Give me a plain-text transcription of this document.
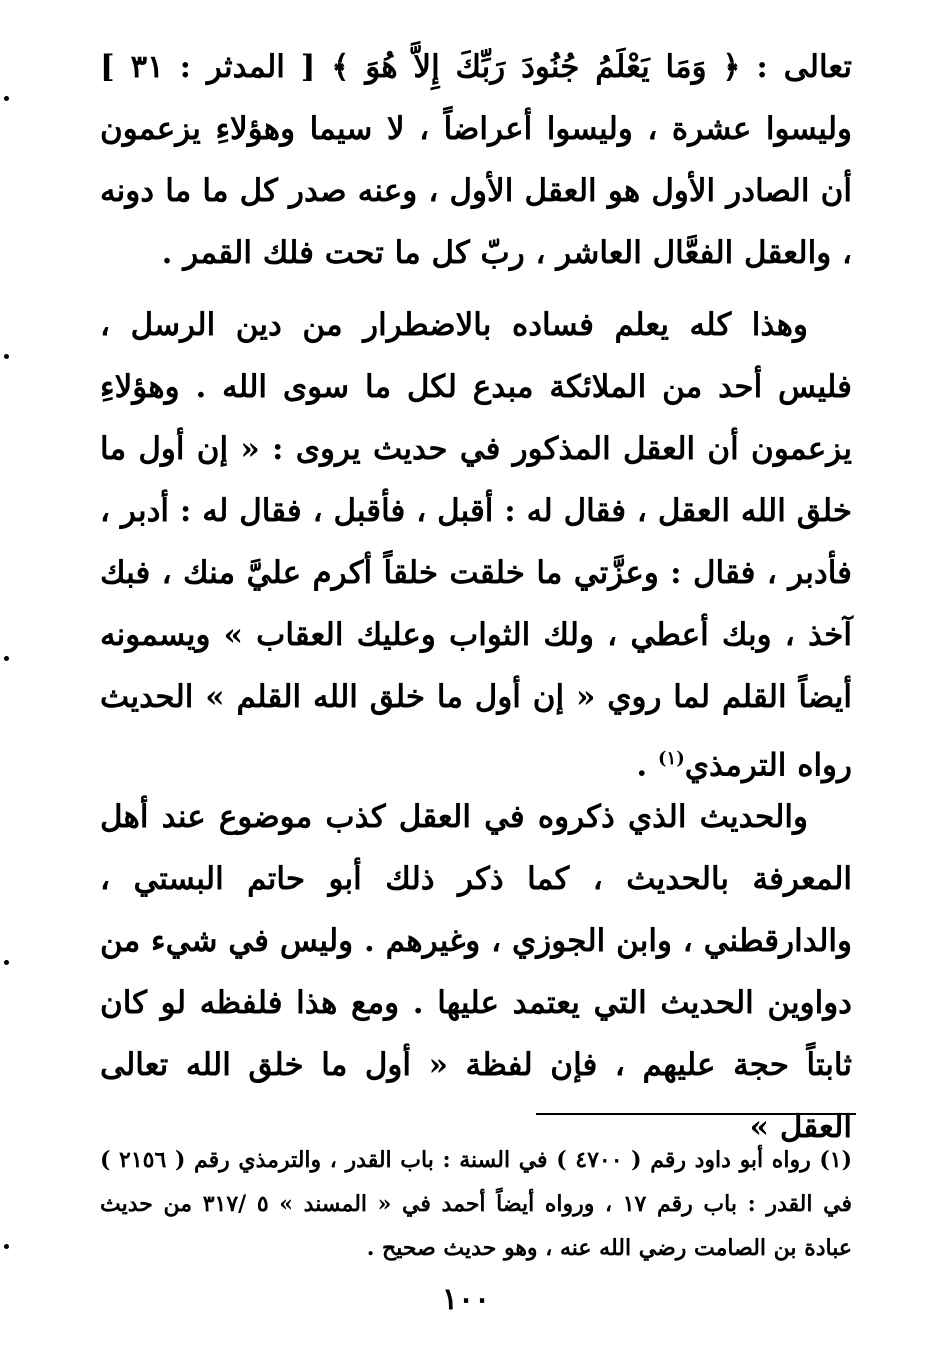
تعالى : ﴿ وَمَا يَعْلَمُ جُنُودَ رَبِّكَ إِلاَّ هُوَ ﴾ [ المدثر : ٣١ ] وليسوا عشرة ، وليسوا أعراضاً ، لا سيما وهؤلاءِ يزعمون أن الصادر الأول هو العقل الأول ، وعنه صدر كل ما ما دونه ، والعقل الفعَّال العاشر ، ربّ كل ما تحت فلك القمر .

وهذا كله يعلم فساده بالاضطرار من دين الرسل ، فليس أحد من الملائكة مبدع لكل ما سوى الله . وهؤلاءِ يزعمون أن العقل المذكور في حديث يروى : « إن أول ما خلق الله العقل ، فقال له : أقبل ، فأقبل ، فقال له : أدبر ، فأدبر ، فقال : وعزَّتي ما خلقت خلقاً أكرم عليَّ منك ، فبك آخذ ، وبك أعطي ، ولك الثواب وعليك العقاب » ويسمونه أيضاً القلم لما روي « إن أول ما خلق الله القلم » الحديث رواه الترمذي$^{(١)}$ .

والحديث الذي ذكروه في العقل كذب موضوع عند أهل المعرفة بالحديث ، كما ذكر ذلك أبو حاتم البستي ، والدارقطني ، وابن الجوزي ، وغيرهم . وليس في شيء من دواوين الحديث التي يعتمد عليها . ومع هذا فلفظه لو كان ثابتاً حجة عليهم ، فإن لفظة « أول ما خلق الله تعالى العقل »

(١) رواه أبو داود رقم ( ٤٧٠٠ ) في السنة : باب القدر ، والترمذي رقم ( ٢١٥٦ ) في القدر : باب رقم ١٧ ، ورواه أيضاً أحمد في « المسند » ٥ /٣١٧ من حديث عبادة بن الصامت رضي الله عنه ، وهو حديث صحيح .

١٠٠
